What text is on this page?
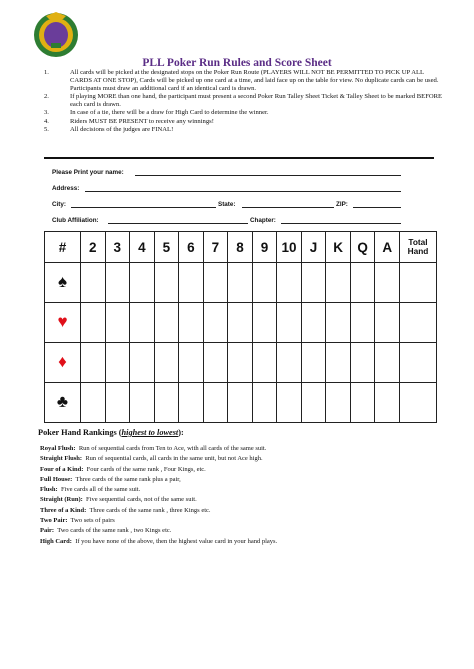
PLL Poker Run Rules and Score Sheet
1.	All cards will be picked at the designated stops on the Poker Run Route (PLAYERS WILL NOT BE PERMITTED TO PICK UP ALL CARDS AT ONE STOP), Cards will be picked up one card at a time, and laid face up on the table for view. No duplicate cards can be used. Participants must draw an additional card if an identical card is drawn.
2.	If playing MORE than one hand, the participant must present a second Poker Run Talley Sheet Ticket & Talley Sheet to be marked BEFORE each card is drawn.
3.	In case of a tie, there will be a draw for High Card to determine the winner.
4.	Riders MUST BE PRESENT to receive any winnings!
5.	All decisions of the judges are FINAL!
Please Print your name:
Address:
City:	State:	ZIP:
Club Affiliation:	Chapter:
#	2	3	4	5	6	7	8	9	10	J	K	Q	A	Total
Hand
♠														
♥														
♦														
♣														
Poker Hand Rankings (highest to lowest):
Royal Flush: Run of sequential cards from Ten to Ace, with all cards of the same suit.
Straight Flush: Run of sequential cards, all cards in the same unit, but not Ace high.
Four of a Kind: Four cards of the same rank , Four Kings, etc.
Full House: Three cards of the same rank plus a pair,
Flush: Five cards all of the same suit.
Straight (Run): Five sequential cards, not of the same suit.
Three of a Kind: Three cards of the same rank , three Kings etc.
Two Pair: Two sets of pairs
Pair: Two cards of the same rank , two Kings etc.
High Card: If you have none of the above, then the highest value card in your hand plays.
